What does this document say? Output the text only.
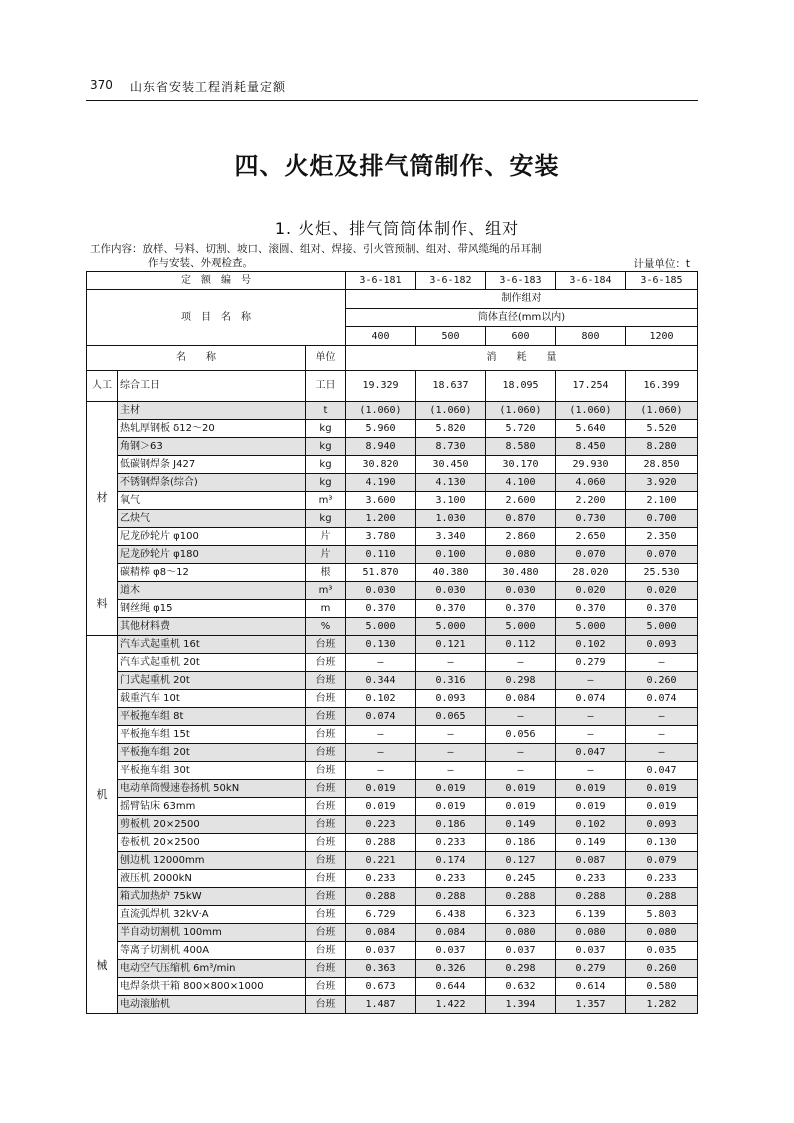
370 山东省安装工程消耗量定额
四、火炬及排气筒制作、安装
1. 火炬、排气筒筒体制作、组对
工作内容：放样、号料、切割、坡口、滚圆、组对、焊接、引火管预制、组对、带风缆绳的吊耳制
作与安装、外观检查。	计量单位：t
定　额　编　号			3-6-181	3-6-182	3-6-183	3-6-184	3-6-185
项　目　名　称			制作组对				
			筒体直径(mm以内)				
			400	500	600	800	1200
名　　称		单位	消　　耗　　量				
人工	综合工日	工日	19.329	18.637	18.095	17.254	16.399

材
料	主材	t	(1.060)	(1.060)	(1.060)	(1.060)	(1.060)
	热轧厚钢板 δ12～20	kg	5.960	5.820	5.720	5.640	5.520
	角钢＞63	kg	8.940	8.730	8.580	8.450	8.280
	低碳钢焊条 J427	kg	30.820	30.450	30.170	29.930	28.850
	不锈钢焊条(综合)	kg	4.190	4.130	4.100	4.060	3.920
	氧气	m³	3.600	3.100	2.600	2.200	2.100
	乙炔气	kg	1.200	1.030	0.870	0.730	0.700
	尼龙砂轮片 φ100	片	3.780	3.340	2.860	2.650	2.350
	尼龙砂轮片 φ180	片	0.110	0.100	0.080	0.070	0.070
	碳精棒 φ8～12	根	51.870	40.380	30.480	28.020	25.530
	道木	m³	0.030	0.030	0.030	0.020	0.020
	钢丝绳 φ15	m	0.370	0.370	0.370	0.370	0.370
	其他材料费	%	5.000	5.000	5.000	5.000	5.000

机
械	汽车式起重机 16t	台班	0.130	0.121	0.112	0.102	0.093
	汽车式起重机 20t	台班	—	—	—	0.279	—
	门式起重机 20t	台班	0.344	0.316	0.298	—	0.260
	载重汽车 10t	台班	0.102	0.093	0.084	0.074	0.074
	平板拖车组 8t	台班	0.074	0.065	—	—	—
	平板拖车组 15t	台班	—	—	0.056	—	—
	平板拖车组 20t	台班	—	—	—	0.047	—
	平板拖车组 30t	台班	—	—	—	—	0.047
	电动单筒慢速卷扬机 50kN	台班	0.019	0.019	0.019	0.019	0.019
	摇臂钻床 63mm	台班	0.019	0.019	0.019	0.019	0.019
	剪板机 20×2500	台班	0.223	0.186	0.149	0.102	0.093
	卷板机 20×2500	台班	0.288	0.233	0.186	0.149	0.130
	刨边机 12000mm	台班	0.221	0.174	0.127	0.087	0.079
	液压机 2000kN	台班	0.233	0.233	0.245	0.233	0.233
	箱式加热炉 75kW	台班	0.288	0.288	0.288	0.288	0.288
	直流弧焊机 32kV·A	台班	6.729	6.438	6.323	6.139	5.803
	半自动切割机 100mm	台班	0.084	0.084	0.080	0.080	0.080
	等离子切割机 400A	台班	0.037	0.037	0.037	0.037	0.035
	电动空气压缩机 6m³/min	台班	0.363	0.326	0.298	0.279	0.260
	电焊条烘干箱 800×800×1000	台班	0.673	0.644	0.632	0.614	0.580
	电动滚胎机	台班	1.487	1.422	1.394	1.357	1.282
